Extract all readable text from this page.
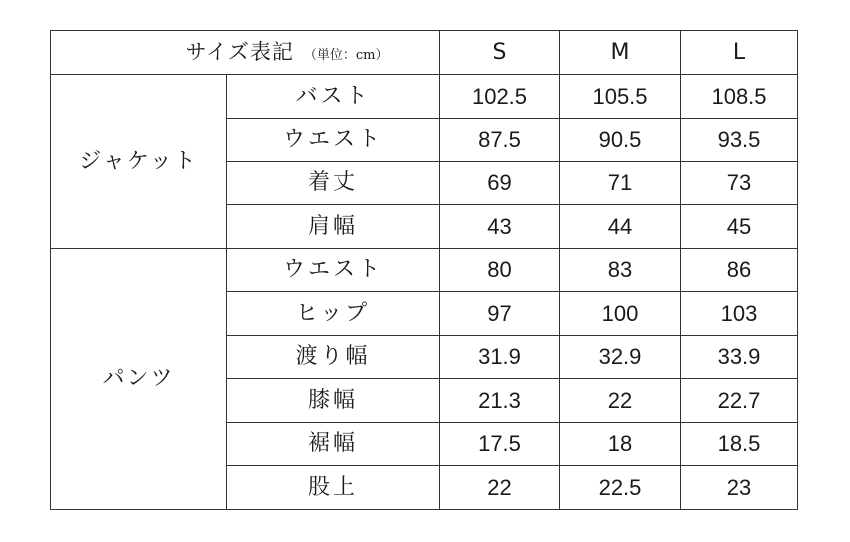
サイズ表記 （単位：cm）		S	M	L
ジャケット	バスト	102.5	105.5	108.5
	ウエスト	87.5	90.5	93.5
	着丈	69	71	73
	肩幅	43	44	45
パンツ	ウエスト	80	83	86
	ヒップ	97	100	103
	渡り幅	31.9	32.9	33.9
	膝幅	21.3	22	22.7
	裾幅	17.5	18	18.5
	股上	22	22.5	23
